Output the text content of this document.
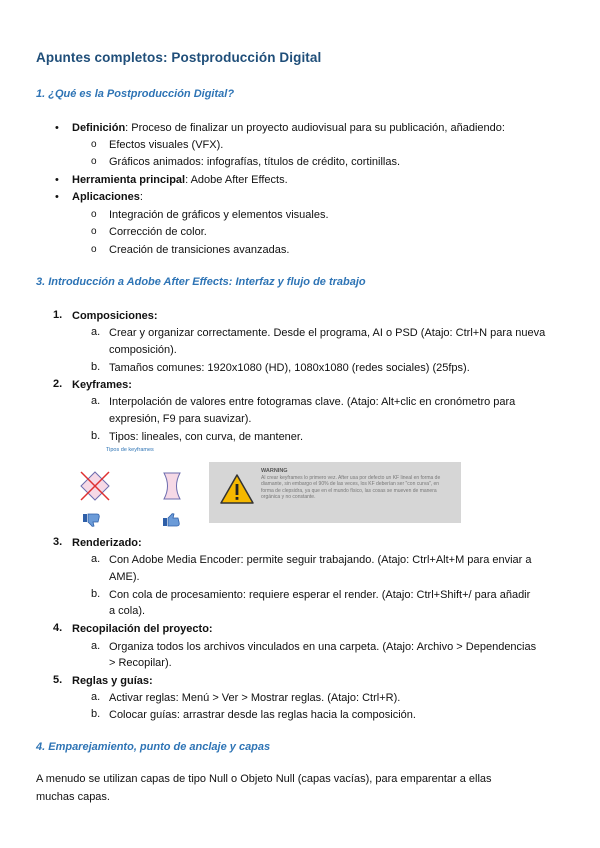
Apuntes completos: Postproducción Digital
1. ¿Qué es la Postproducción Digital?
• Definición: Proceso de finalizar un proyecto audiovisual para su publicación, añadiendo:
o Efectos visuales (VFX).
o Gráficos animados: infografías, títulos de crédito, cortinillas.
• Herramienta principal: Adobe After Effects.
• Aplicaciones:
o Integración de gráficos y elementos visuales.
o Corrección de color.
o Creación de transiciones avanzadas.
3. Introducción a Adobe After Effects: Interfaz y flujo de trabajo
1. Composiciones:
a. Crear y organizar correctamente. Desde el programa, AI o PSD (Atajo: Ctrl+N para nueva
composición).
b. Tamaños comunes: 1920x1080 (HD), 1080x1080 (redes sociales) (25fps).
2. Keyframes:
a. Interpolación de valores entre fotogramas clave. (Atajo: Alt+clic en cronómetro para
expresión, F9 para suavizar).
b. Tipos: lineales, con curva, de mantener.
Tipos de keyframes
WARNING
Al crear keyframes lo primero vez. After usa por defecto un KF lineal en forma de diamante, sin embargo el 90% de las veces, los KF deberían ser "con curva", en forma de clepsidra, ya que en el mundo físico, las cosas se mueven de manera orgánica y no constante.
3. Renderizado:
a. Con Adobe Media Encoder: permite seguir trabajando. (Atajo: Ctrl+Alt+M para enviar a
AME).
b. Con cola de procesamiento: requiere esperar el render. (Atajo: Ctrl+Shift+/ para añadir
a cola).
4. Recopilación del proyecto:
a. Organiza todos los archivos vinculados en una carpeta. (Atajo: Archivo > Dependencias
> Recopilar).
5. Reglas y guías:
a. Activar reglas: Menú > Ver > Mostrar reglas. (Atajo: Ctrl+R).
b. Colocar guías: arrastrar desde las reglas hacia la composición.
4. Emparejamiento, punto de anclaje y capas
A menudo se utilizan capas de tipo Null o Objeto Null (capas vacías), para emparentar a ellas
muchas capas.
